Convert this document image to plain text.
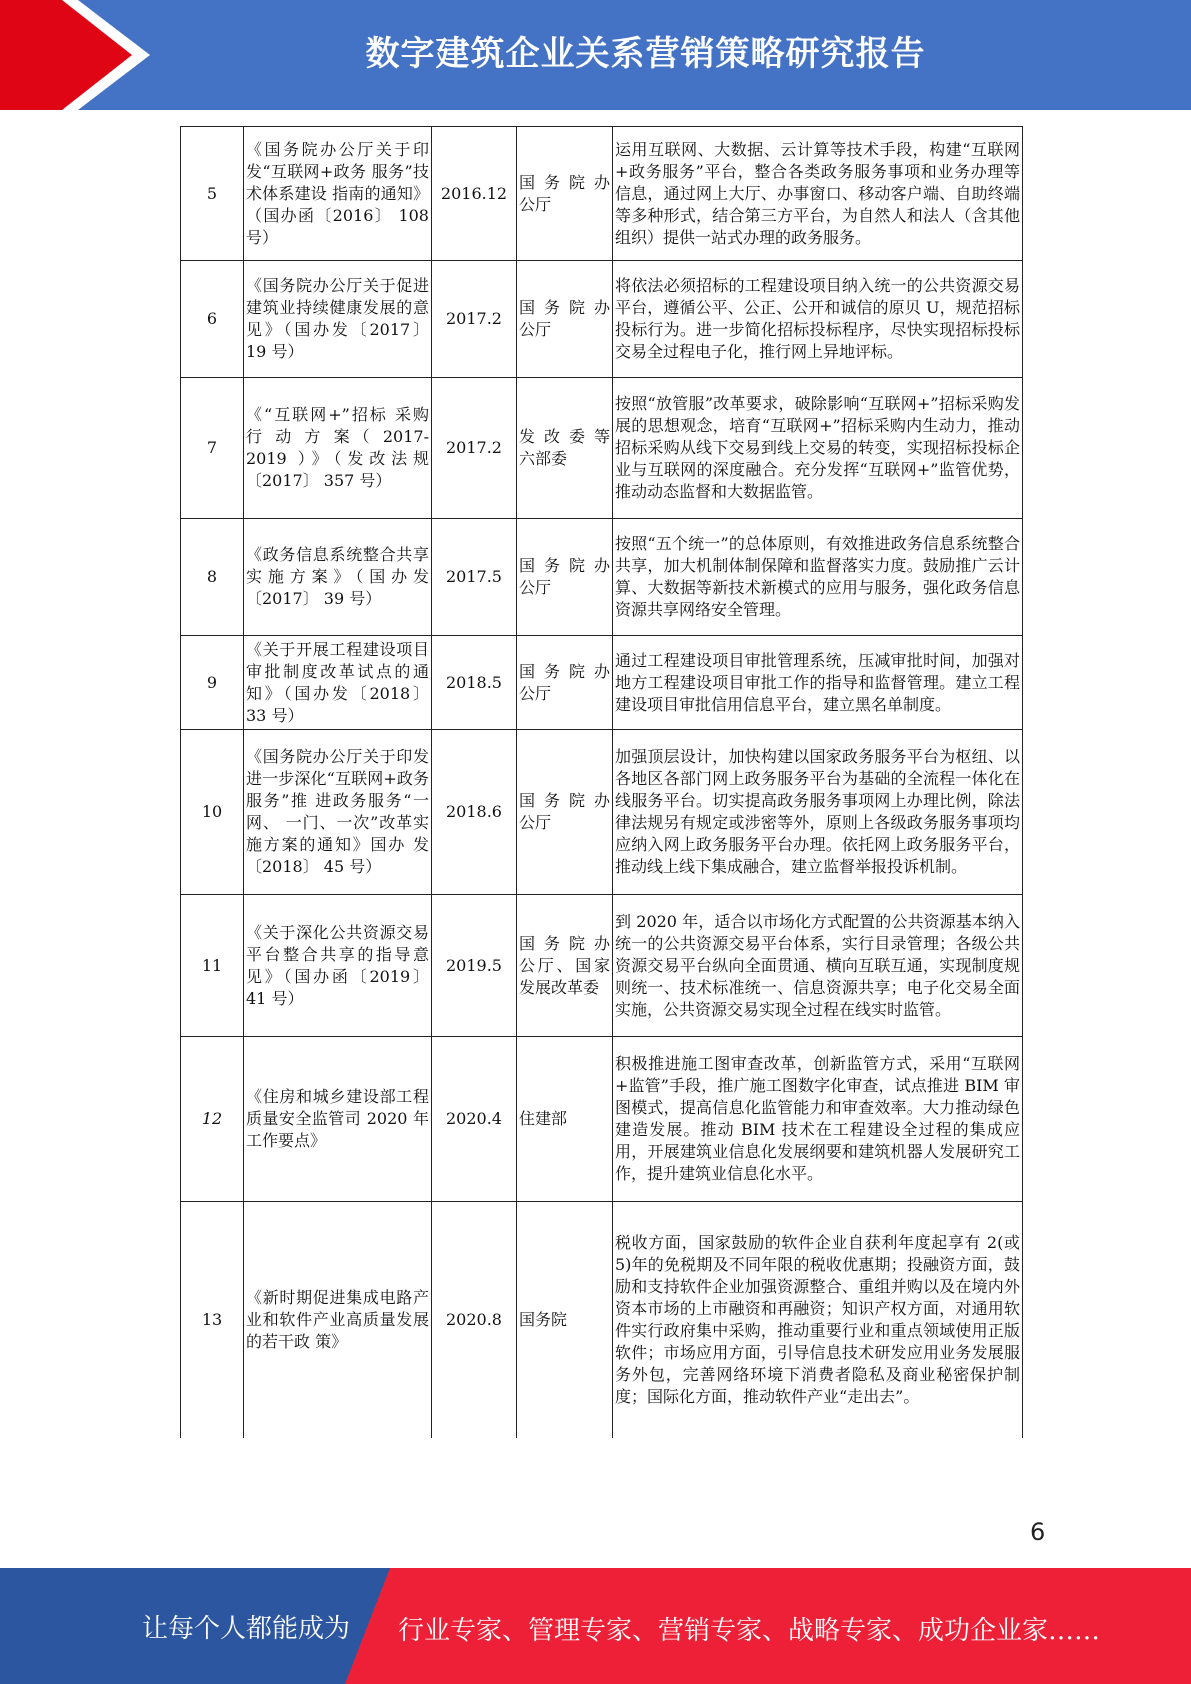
数字建筑企业关系营销策略研究报告
5	《国务院办公厅关于印发“互联网+政务 服务”技术体系建设 指南的通知》（国办函〔2016〕 108 号）	2016.12	国 务 院 办公厅	运用互联网、大数据、云计算等技术手段，构建“互联网+政务服务”平台，整合各类政务服务事项和业务办理等信息，通过网上大厅、办事窗口、移动客户端、自助终端等多种形式，结合第三方平台，为自然人和法人（含其他组织）提供一站式办理的政务服务。
6	《国务院办公厅关于促进建筑业持续健康发展的意见》（国办发〔2017〕 19 号）	2017.2	国 务 院 办公厅	将依法必须招标的工程建设项目纳入统一的公共资源交易平台，遵循公平、公正、公开和诚信的原贝 U，规范招标投标行为。进一步简化招标投标程序，尽快实现招标投标交易全过程电子化，推行网上异地评标。
7	《“互联网+”招标 采购 行 动 方 案（ 2017-2019 ）》（发改法规〔2017〕 357 号）	2017.2	发 改 委 等六部委	按照“放管服”改革要求，破除影响“互联网+”招标采购发展的思想观念，培育“互联网+”招标采购内生动力，推动招标采购从线下交易到线上交易的转变，实现招标投标企业与互联网的深度融合。充分发挥“互联网+”监管优势，推动动态监督和大数据监管。
8	《政务信息系统整合共享实施方案》（国办发〔2017〕 39 号）	2017.5	国 务 院 办公厅	按照“五个统一”的总体原则，有效推进政务信息系统整合共享，加大机制体制保障和监督落实力度。鼓励推广云计算、大数据等新技术新模式的应用与服务，强化政务信息资源共享网络安全管理。
9	《关于开展工程建设项目审批制度改革试点的通知》（国办发〔2018〕 33 号）	2018.5	国 务 院 办公厅	通过工程建设项目审批管理系统，压减审批时间，加强对地方工程建设项目审批工作的指导和监督管理。建立工程建设项目审批信用信息平台，建立黑名单制度。
10	《国务院办公厅关于印发进一步深化“互联网+政务服务”推 进政务服务“一网、 一门、一次”改革实 施方案的通知》国办 发〔2018〕 45 号）	2018.6	国 务 院 办公厅	加强顶层设计，加快构建以国家政务服务平台为枢纽、以各地区各部门网上政务服务平台为基础的全流程一体化在线服务平台。切实提高政务服务事项网上办理比例，除法律法规另有规定或涉密等外，原则上各级政务服务事项均应纳入网上政务服务平台办理。依托网上政务服务平台，推动线上线下集成融合，建立监督举报投诉机制。
11	《关于深化公共资源交易平台整合共享的指导意见》（国办函〔2019〕 41 号）	2019.5	国 务 院 办公厅、国家发展改革委	到 2020 年，适合以市场化方式配置的公共资源基本纳入统一的公共资源交易平台体系，实行目录管理；各级公共资源交易平台纵向全面贯通、横向互联互通，实现制度规则统一、技术标准统一、信息资源共享；电子化交易全面实施，公共资源交易实现全过程在线实时监管。
12	《住房和城乡建设部工程质量安全监管司 2020 年工作要点》	2020.4	住建部	积极推进施工图审查改革，创新监管方式，采用“互联网+监管”手段，推广施工图数字化审查，试点推进 BIM 审图模式，提高信息化监管能力和审查效率。大力推动绿色建造发展。推动 BIM 技术在工程建设全过程的集成应用，开展建筑业信息化发展纲要和建筑机器人发展研究工作，提升建筑业信息化水平。
13	《新时期促进集成电路产业和软件产业高质量发展的若干政 策》	2020.8	国务院	税收方面，国家鼓励的软件企业自获利年度起享有 2(或 5)年的免税期及不同年限的税收优惠期；投融资方面，鼓励和支持软件企业加强资源整合、重组并购以及在境内外资本市场的上市融资和再融资；知识产权方面，对通用软件实行政府集中采购，推动重要行业和重点领域使用正版软件；市场应用方面，引导信息技术研发应用业务发展服务外包，完善网络环境下消费者隐私及商业秘密保护制度；国际化方面，推动软件产业“走出去”。
6
让每个人都能成为 行业专家、管理专家、营销专家、战略专家、成功企业家……
